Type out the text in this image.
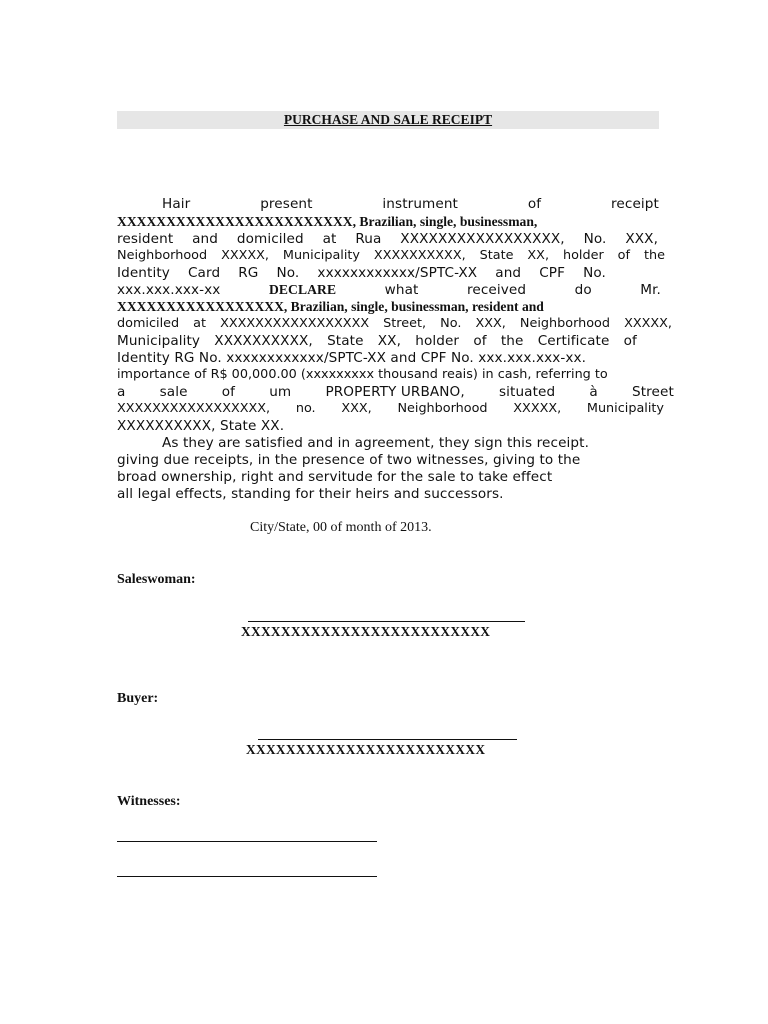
PURCHASE AND SALE RECEIPT
Hair	present	instrument	of	receipt
XXXXXXXXXXXXXXXXXXXXXXXX, Brazilian, single, businessman,
resident and domiciled at Rua XXXXXXXXXXXXXXXXX, No. XXX,
Neighborhood XXXXX, Municipality XXXXXXXXXX, State XX, holder of the
Identity Card RG No. xxxxxxxxxxxx/SPTC-XX and CPF No.
xxx.xxx.xxx-xx	DECLARE	what	received	do	Mr.
XXXXXXXXXXXXXXXXX, Brazilian, single, businessman, resident and
domiciled at XXXXXXXXXXXXXXXXX Street, No. XXX, Neighborhood XXXXX,
Municipality XXXXXXXXXX, State XX, holder of the Certificate of
Identity RG No. xxxxxxxxxxxx/SPTC-XX and CPF No. xxx.xxx.xxx-xx.
importance of R$ 00,000.00 (xxxxxxxxx thousand reais) in cash, referring to
a	sale	of	um	PROPERTY URBANO,	situated	à	Street
XXXXXXXXXXXXXXXXX, no. XXX, Neighborhood XXXXX, Municipality
XXXXXXXXXX, State XX.
As they are satisfied and in agreement, they sign this receipt.
giving due receipts, in the presence of two witnesses, giving to the
broad ownership, right and servitude for the sale to take effect
all legal effects, standing for their heirs and successors.
City/State, 00 of month of 2013.
Saleswoman:
XXXXXXXXXXXXXXXXXXXXXXXXX
Buyer:
XXXXXXXXXXXXXXXXXXXXXXXX
Witnesses:
